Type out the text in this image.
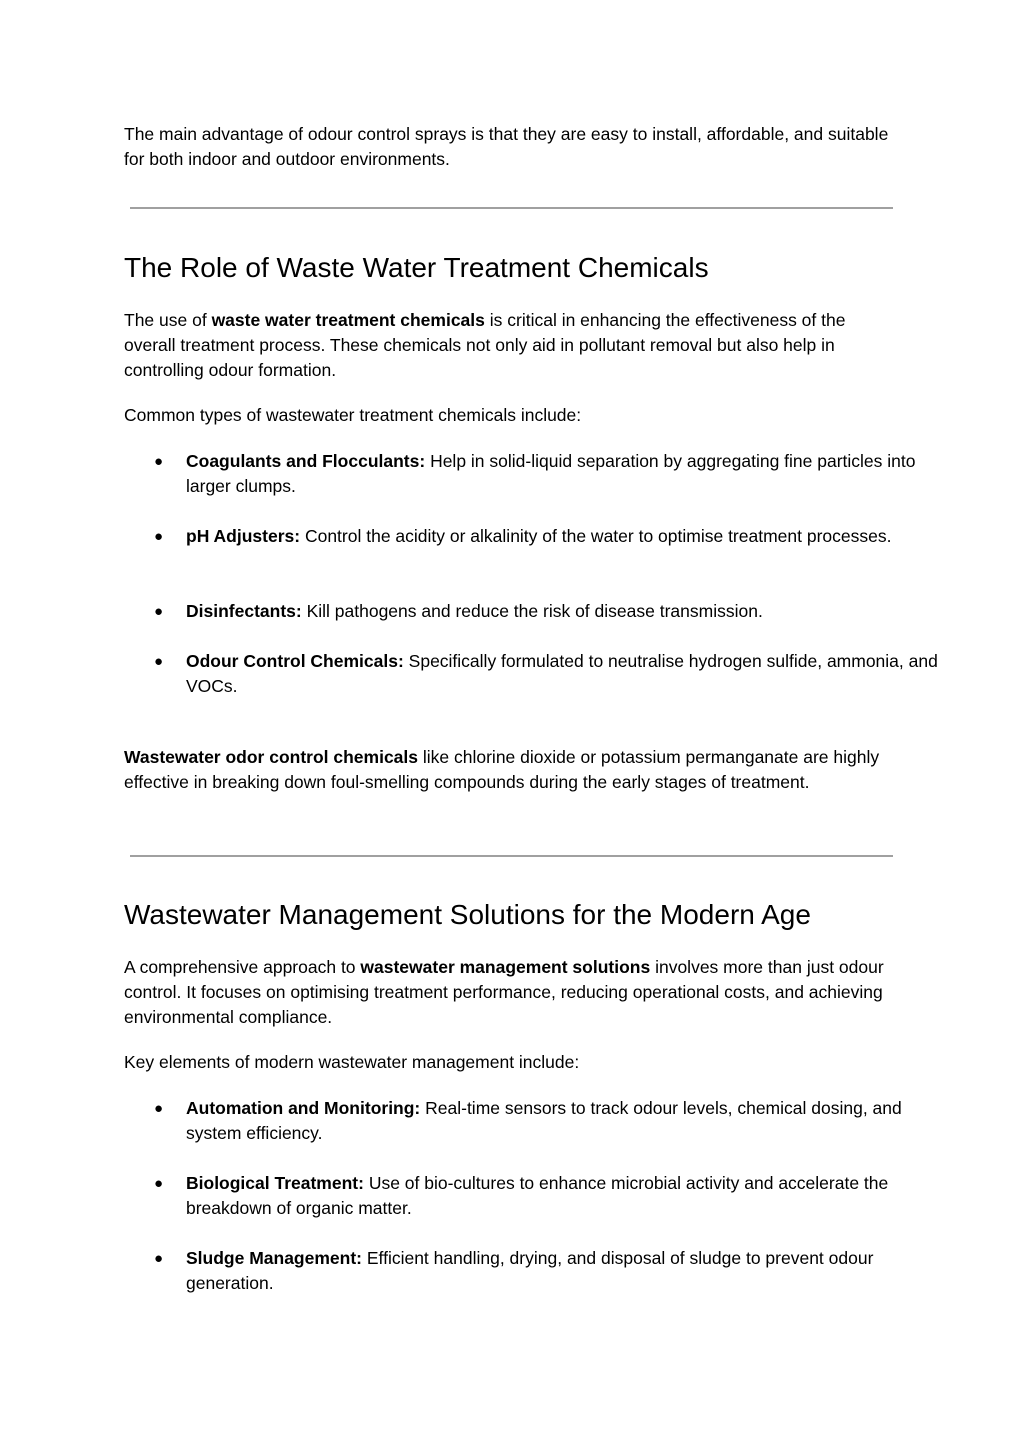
The main advantage of odour control sprays is that they are easy to install, affordable, and suitable for both indoor and outdoor environments.

The Role of Waste Water Treatment Chemicals

The use of waste water treatment chemicals is critical in enhancing the effectiveness of the overall treatment process. These chemicals not only aid in pollutant removal but also help in controlling odour formation.

Common types of wastewater treatment chemicals include:

● Coagulants and Flocculants: Help in solid-liquid separation by aggregating fine particles into larger clumps.
● pH Adjusters: Control the acidity or alkalinity of the water to optimise treatment processes.
● Disinfectants: Kill pathogens and reduce the risk of disease transmission.
● Odour Control Chemicals: Specifically formulated to neutralise hydrogen sulfide, ammonia, and VOCs.

Wastewater odor control chemicals like chlorine dioxide or potassium permanganate are highly effective in breaking down foul-smelling compounds during the early stages of treatment.

Wastewater Management Solutions for the Modern Age

A comprehensive approach to wastewater management solutions involves more than just odour control. It focuses on optimising treatment performance, reducing operational costs, and achieving environmental compliance.

Key elements of modern wastewater management include:

● Automation and Monitoring: Real-time sensors to track odour levels, chemical dosing, and system efficiency.
● Biological Treatment: Use of bio-cultures to enhance microbial activity and accelerate the breakdown of organic matter.
● Sludge Management: Efficient handling, drying, and disposal of sludge to prevent odour generation.
